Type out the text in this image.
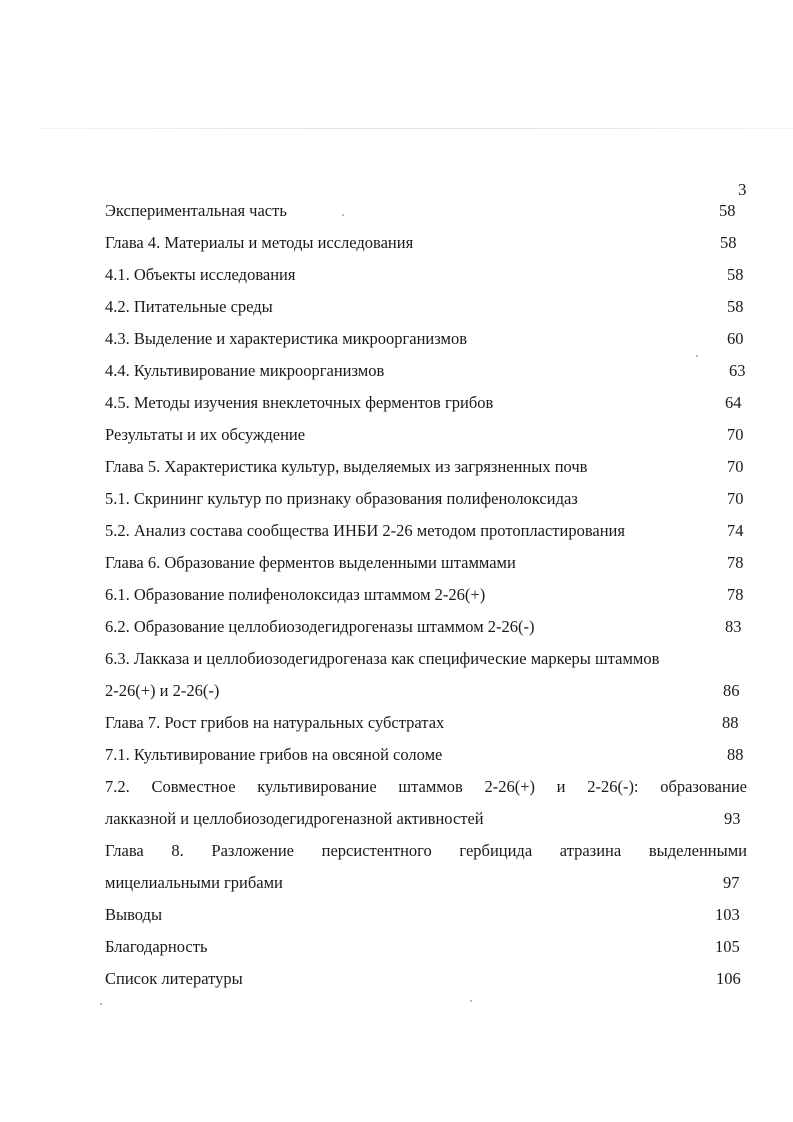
3
Экспериментальная часть	58
Глава 4. Материалы и методы исследования	58
4.1. Объекты исследования	58
4.2. Питательные среды	58
4.3. Выделение и характеристика микроорганизмов	60
4.4. Культивирование микроорганизмов	63
4.5. Методы изучения внеклеточных ферментов грибов	64
Результаты и их обсуждение	70
Глава 5. Характеристика культур, выделяемых из загрязненных почв	70
5.1. Скрининг культур по признаку образования полифенолоксидаз	70
5.2. Анализ состава сообщества ИНБИ 2-26 методом протопластирования	74
Глава 6. Образование ферментов выделенными штаммами	78
6.1. Образование полифенолоксидаз штаммом 2-26(+)	78
6.2. Образование целлобиозодегидрогеназы штаммом 2-26(-)	83
6.3. Лакказа и целлобиозодегидрогеназа как специфические маркеры штаммов
2-26(+) и 2-26(-)	86
Глава 7. Рост грибов на натуральных субстратах	88
7.1. Культивирование грибов на овсяной соломе	88
7.2. Совместное культивирование штаммов 2-26(+) и 2-26(-): образование
лакказной и целлобиозодегидрогеназной активностей	93
Глава 8. Разложение персистентного гербицида атразина выделенными
мицелиальными грибами	97
Выводы	103
Благодарность	105
Список литературы	106
